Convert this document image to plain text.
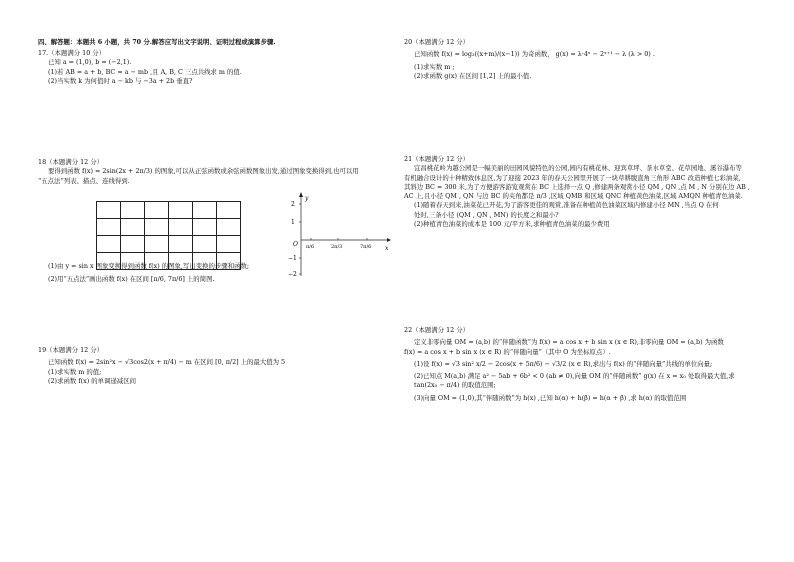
四、解答题：本题共 6 小题，共 70 分.解答应写出文字说明、证明过程或演算步骤.

17.（本题满分 10 分）

已知 a = (1,0), b = (−2,1).

(1)若 AB = a + b, BC = a − mb ,且 A, B, C 三点共线求 m 的值.

(2)当实数 k 为何值时 a − kb 与 −3a + 2b 垂直?

18（本题满分 12 分）

要得到函数 f(x) = 2sin(2x + 2π/3) 的图象,可以从正弦函数或余弦函数图象出发,通过图象变换得到,也可以用

“五点法”列表、描点、连线得到.

2
1
−1
−2
O π/6	2π/3	7π/6 x
y

(1)由 y = sin x 图象变换得到函数 f(x) 的图象,写出变换的步骤和函数;

(2)用“五点法”画出函数 f(x) 在区间 [π/6, 7π/6] 上的简图.

19（本题满分 12 分）

已知函数 f(x) = 2sin²x − √3cos2(x + π/4) − m 在区间 [0, π/2] 上的最大值为 5

(1)求实数 m 的值;

(2)求函数 f(x) 的单调递减区间

20（本题满分 12 分）

已知函数 f(x) = log₃((x+m)/(x−1)) 为奇函数， g(x) = λ·4ˣ − 2ˣ⁺¹ − λ (λ > 0) .

(1)求实数 m ;

(2)求函数 g(x) 在区间 [1,2] 上的最小值.

21（本题满分 12 分）

宜昌桃花岭为越公园是一幅美丽的田园风貌特色的公园,园内有桃花林、迎宾草坪、茶水草堂、花草园地、溪谷瀑布等

有机融合设计的十种精致休息区,为了迎接 2023 年的春天公园里开展了一块草耕腹直角三角形 ABC 改造种植七彩油菜,

其斜边 BC = 300 米,为了方便游客游览观赏在 BC 上选择一点 Q ,修建两条观赏小径 QM , QN ,点 M , N 分别在边 AB ,

AC 上,且小径 QM , QN 与边 BC 的夹角都是 π/3 ,区域 QMB 和区域 QNC 种植黄色油菜,区域 AMQN 种植青色油菜.

(1)随着春天到来,油菜花已开花,为了游客更佳的观赏,准备在种植黄色油菜区域内修建小径 MN ,当点 Q 在何

处时,三条小径 (QM , QN , MN) 的长度之和最小?

(2)种植青色油菜的成本是 100 元/平方米,求种植青色油菜的最少费用

22（本题满分 12 分）

定义非零向量 OM = (a,b) 的“伴随函数”为 f(x) = a cos x + b sin x (x ∈ R),非零向量 OM = (a,b) 为函数

f(x) = a cos x + b sin x (x ∈ R) 的“伴随向量”（其中 O 为坐标原点）.

(1)设 f(x) = √3 sin² x/2 − 2cos(x + 5π/6) − √3/2 (x ∈ R),求出与 f(x) 的“伴随向量”共线的单位向量;

(2)已知点 M(a,b) 满足 a² − 5ab + 6b² < 0 (ab ≠ 0),向量 OM 的“伴随函数” g(x) 在 x = x₀ 处取得最大值,求

tan(2x₀ − π/4) 的取值范围;

(3)向量 OM = (1,0),其“伴随函数”为 h(x) ,已知 h(α) + h(β) = h(α + β) ,求 h(α) 的取值范围
